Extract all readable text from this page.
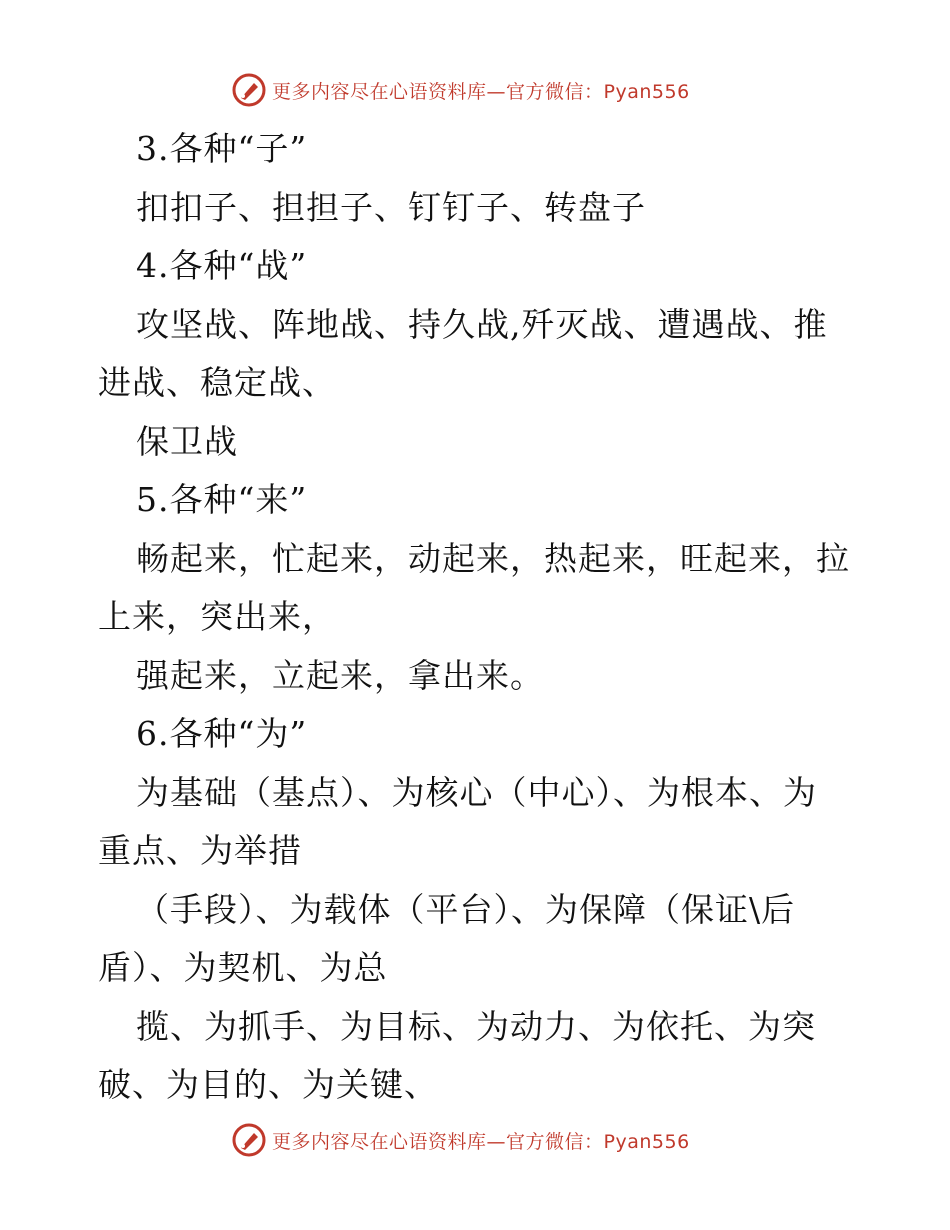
更多内容尽在心语资料库—官方微信：Pyan556
3.各种“子”
扣扣子、担担子、钉钉子、转盘子
4.各种“战”
攻坚战、阵地战、持久战,歼灭战、遭遇战、推
进战、稳定战、
保卫战
5.各种“来”
畅起来，忙起来，动起来，热起来，旺起来，拉
上来，突出来，
强起来，立起来，拿出来。
6.各种“为”
为基础（基点）、为核心（中心）、为根本、为
重点、为举措
（手段）、为载体（平台）、为保障（保证\后
盾）、为契机、为总
揽、为抓手、为目标、为动力、为依托、为突
破、为目的、为关键、
更多内容尽在心语资料库—官方微信：Pyan556
